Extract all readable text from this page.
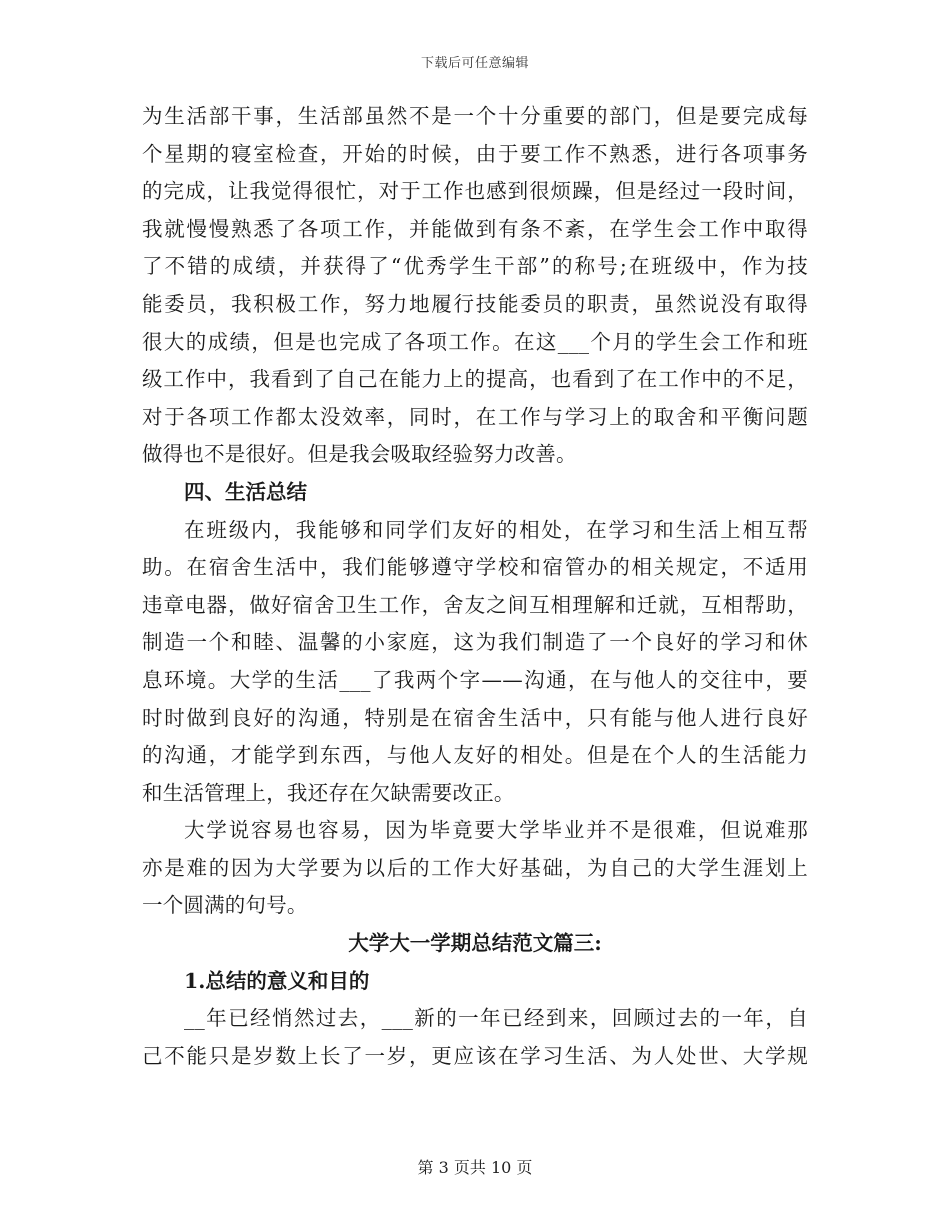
下载后可任意编辑
为生活部干事，生活部虽然不是一个十分重要的部门，但是要完成每
个星期的寝室检查，开始的时候，由于要工作不熟悉，进行各项事务
的完成，让我觉得很忙，对于工作也感到很烦躁，但是经过一段时间，
我就慢慢熟悉了各项工作，并能做到有条不紊，在学生会工作中取得
了不错的成绩，并获得了“优秀学生干部”的称号;在班级中，作为技
能委员，我积极工作，努力地履行技能委员的职责，虽然说没有取得
很大的成绩，但是也完成了各项工作。在这___个月的学生会工作和班
级工作中，我看到了自己在能力上的提高，也看到了在工作中的不足，
对于各项工作都太没效率，同时，在工作与学习上的取舍和平衡问题
做得也不是很好。但是我会吸取经验努力改善。
四、生活总结
在班级内，我能够和同学们友好的相处，在学习和生活上相互帮
助。在宿舍生活中，我们能够遵守学校和宿管办的相关规定，不适用
违章电器，做好宿舍卫生工作，舍友之间互相理解和迁就，互相帮助，
制造一个和睦、温馨的小家庭，这为我们制造了一个良好的学习和休
息环境。大学的生活___了我两个字——沟通，在与他人的交往中，要
时时做到良好的沟通，特别是在宿舍生活中，只有能与他人进行良好
的沟通，才能学到东西，与他人友好的相处。但是在个人的生活能力
和生活管理上，我还存在欠缺需要改正。
大学说容易也容易，因为毕竟要大学毕业并不是很难，但说难那
亦是难的因为大学要为以后的工作大好基础，为自己的大学生涯划上
一个圆满的句号。
大学大一学期总结范文篇三:
1.总结的意义和目的
__年已经悄然过去，___新的一年已经到来，回顾过去的一年，自
己不能只是岁数上长了一岁，更应该在学习生活、为人处世、大学规
第 3 页共 10 页
